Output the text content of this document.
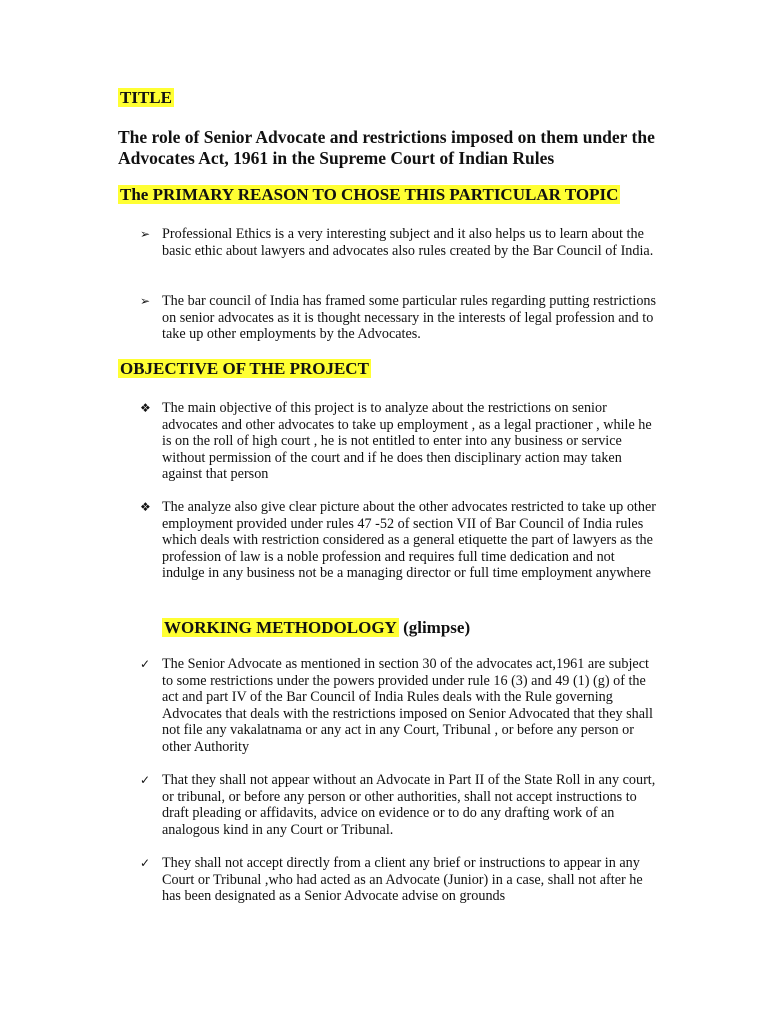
TITLE
The role of Senior Advocate and restrictions imposed on them under the Advocates Act, 1961 in the Supreme Court of Indian Rules
The PRIMARY REASON TO CHOSE THIS PARTICULAR TOPIC
➢ Professional Ethics is a very interesting subject and it also helps us to learn about the basic ethic about lawyers and advocates also rules created by the Bar Council of India.
➢ The bar council of India has framed some particular rules regarding putting restrictions on senior advocates as it is thought necessary in the interests of legal profession and to take up other employments by the Advocates.
OBJECTIVE OF THE PROJECT
❖ The main objective of this project is to analyze about the restrictions on senior advocates and other advocates to take up employment , as a legal practioner , while he is on the roll of high court , he is not entitled to enter into any business or service without permission of the court and if he does then disciplinary action may taken against that person
❖ The analyze also give clear picture about the other advocates restricted to take up other employment provided under rules 47 -52 of section VII of Bar Council of India rules which deals with restriction considered as a general etiquette the part of lawyers as the profession of law is a noble profession and requires full time dedication and not indulge in any business not be a managing director or full time employment anywhere
WORKING METHODOLOGY (glimpse)
✓ The Senior Advocate as mentioned in section 30 of the advocates act,1961 are subject to some restrictions under the powers provided under rule 16 (3) and 49 (1) (g) of the act and part IV of the Bar Council of India Rules deals with the Rule governing Advocates that deals with the restrictions imposed on Senior Advocated that they shall not file any vakalatnama or any act in any Court, Tribunal , or before any person or other Authority
✓ That they shall not appear without an Advocate in Part II of the State Roll in any court, or tribunal, or before any person or other authorities, shall not accept instructions to draft pleading or affidavits, advice on evidence or to do any drafting work of an analogous kind in any Court or Tribunal.
✓ They shall not accept directly from a client any brief or instructions to appear in any Court or Tribunal ,who had acted as an Advocate (Junior) in a case, shall not after he has been designated as a Senior Advocate advise on grounds
